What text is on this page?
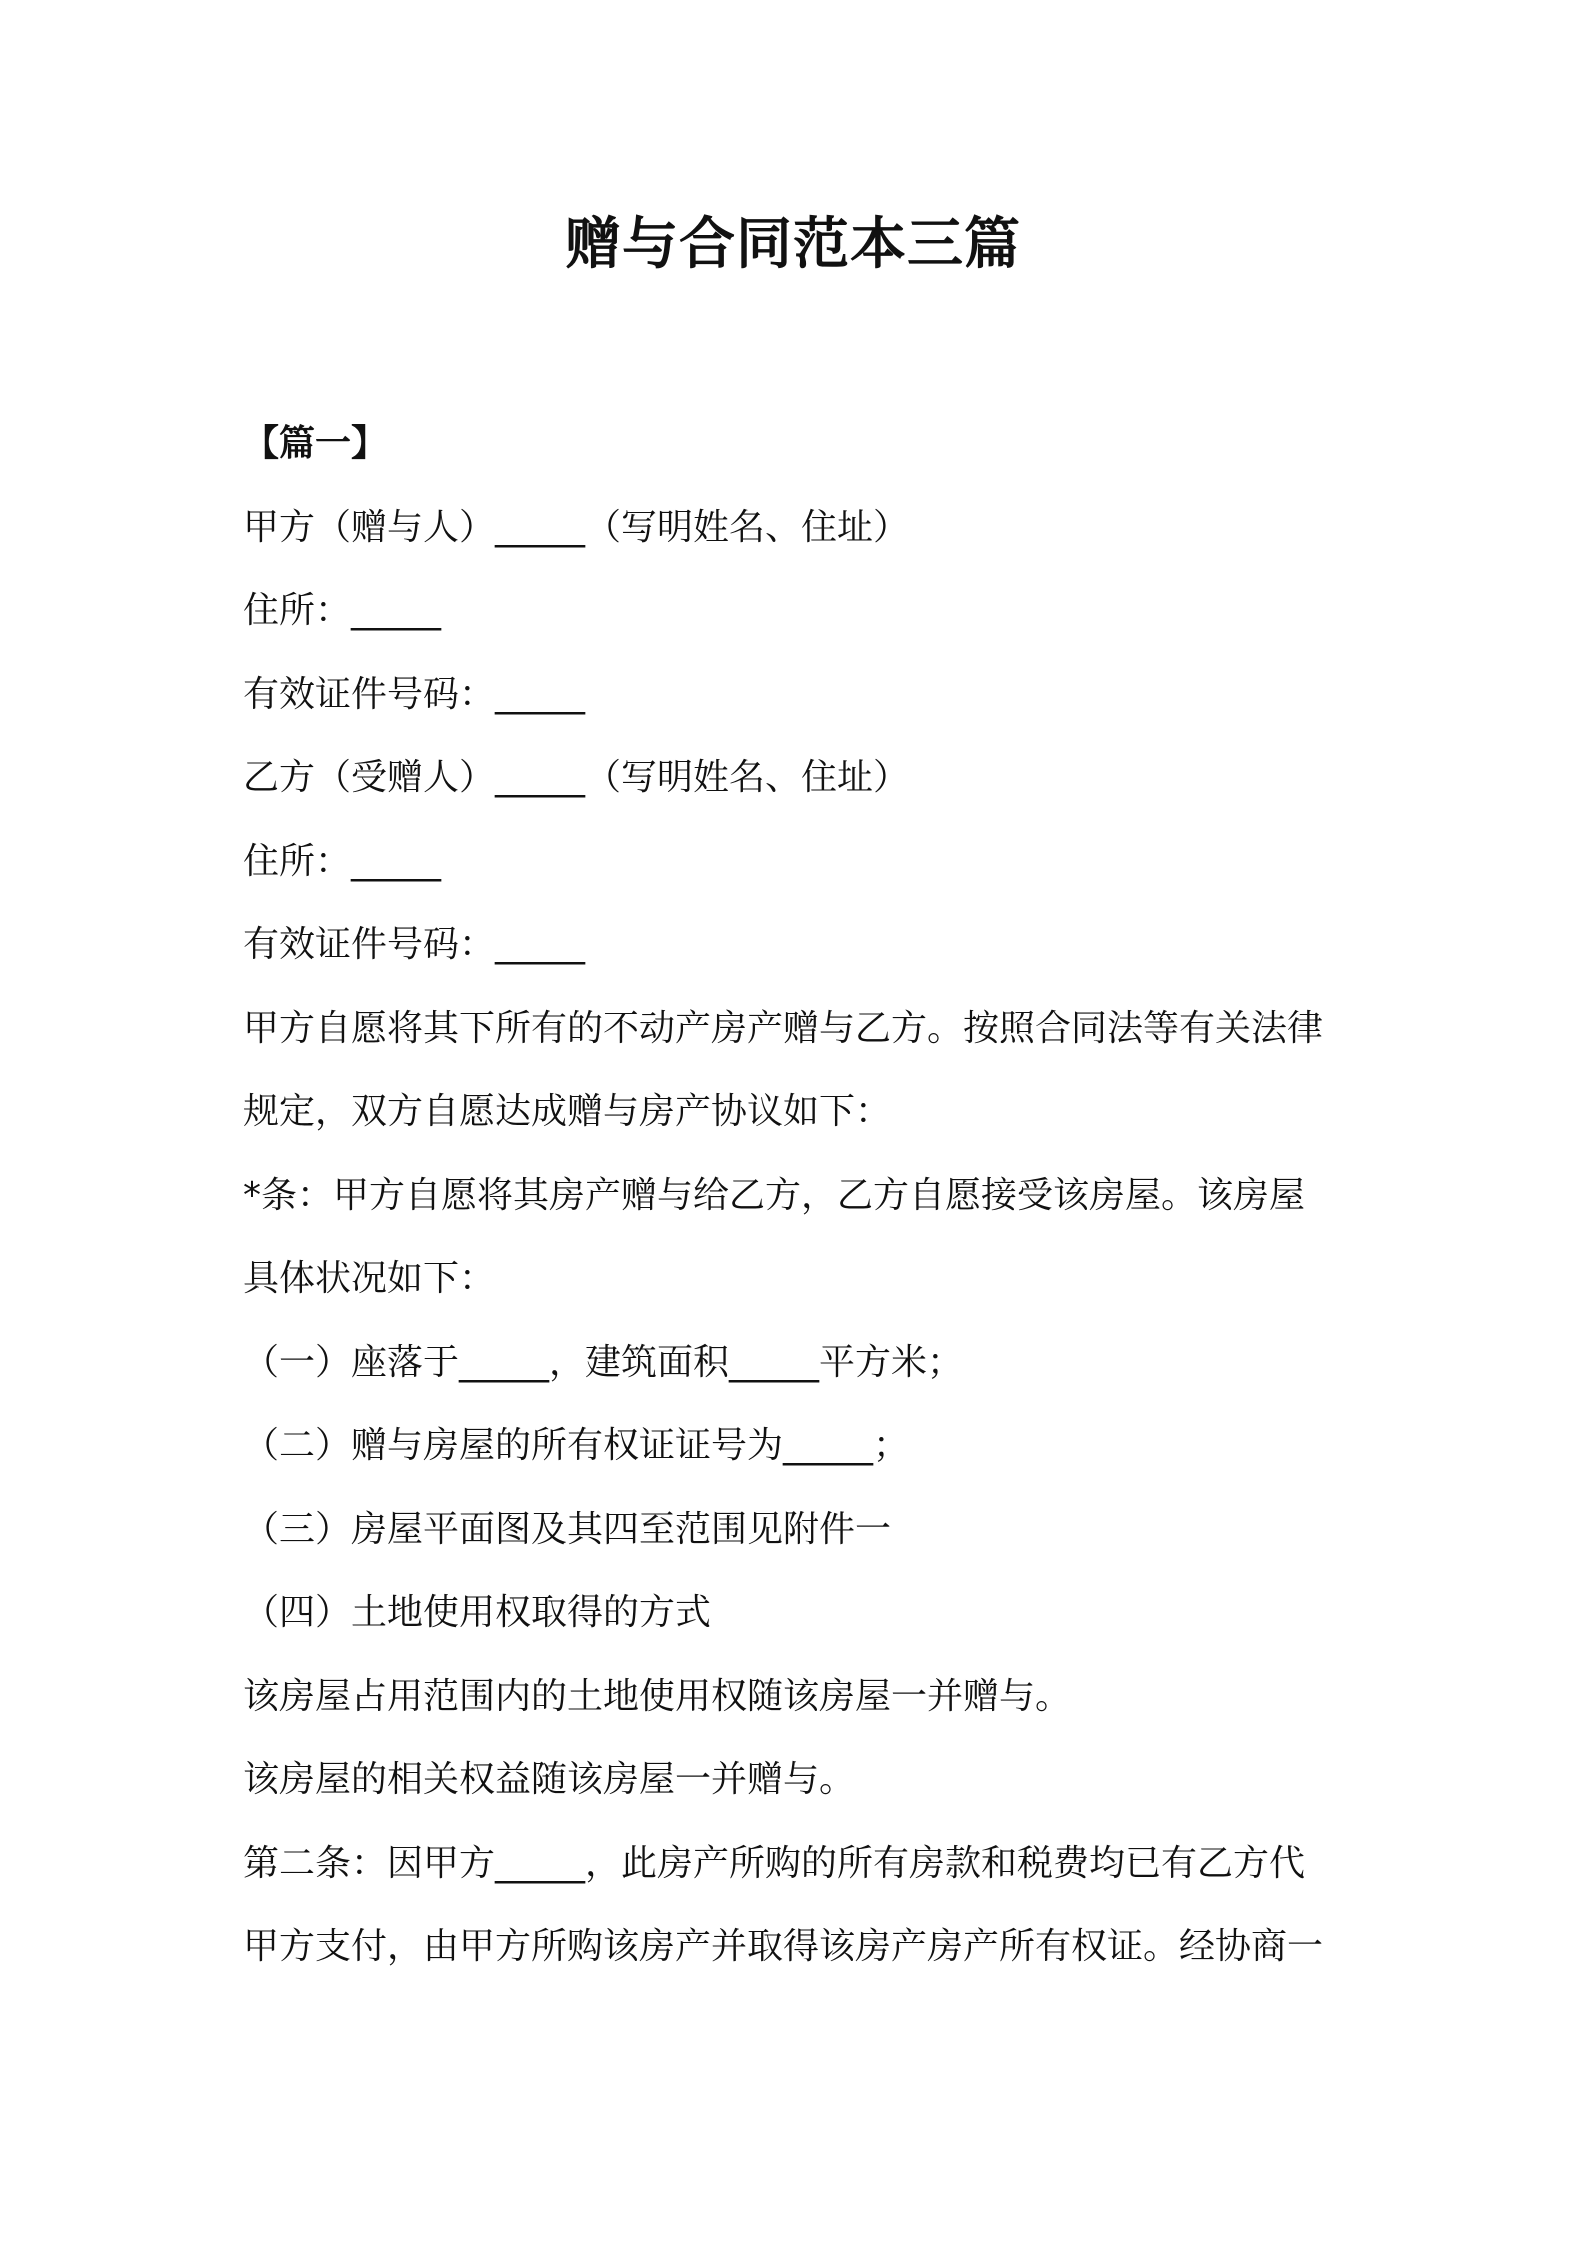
赠与合同范本三篇
【篇一】
甲方（赠与人）_____（写明姓名、住址）
住所：_____
有效证件号码：_____
乙方（受赠人）_____（写明姓名、住址）
住所：_____
有效证件号码：_____
甲方自愿将其下所有的不动产房产赠与乙方。按照合同法等有关法律
规定，双方自愿达成赠与房产协议如下：
*条：甲方自愿将其房产赠与给乙方，乙方自愿接受该房屋。该房屋
具体状况如下：
（一）座落于_____，建筑面积_____平方米；
（二）赠与房屋的所有权证证号为_____；
（三）房屋平面图及其四至范围见附件一
（四）土地使用权取得的方式
该房屋占用范围内的土地使用权随该房屋一并赠与。
该房屋的相关权益随该房屋一并赠与。
第二条：因甲方_____，此房产所购的所有房款和税费均已有乙方代
甲方支付，由甲方所购该房产并取得该房产房产所有权证。经协商一
